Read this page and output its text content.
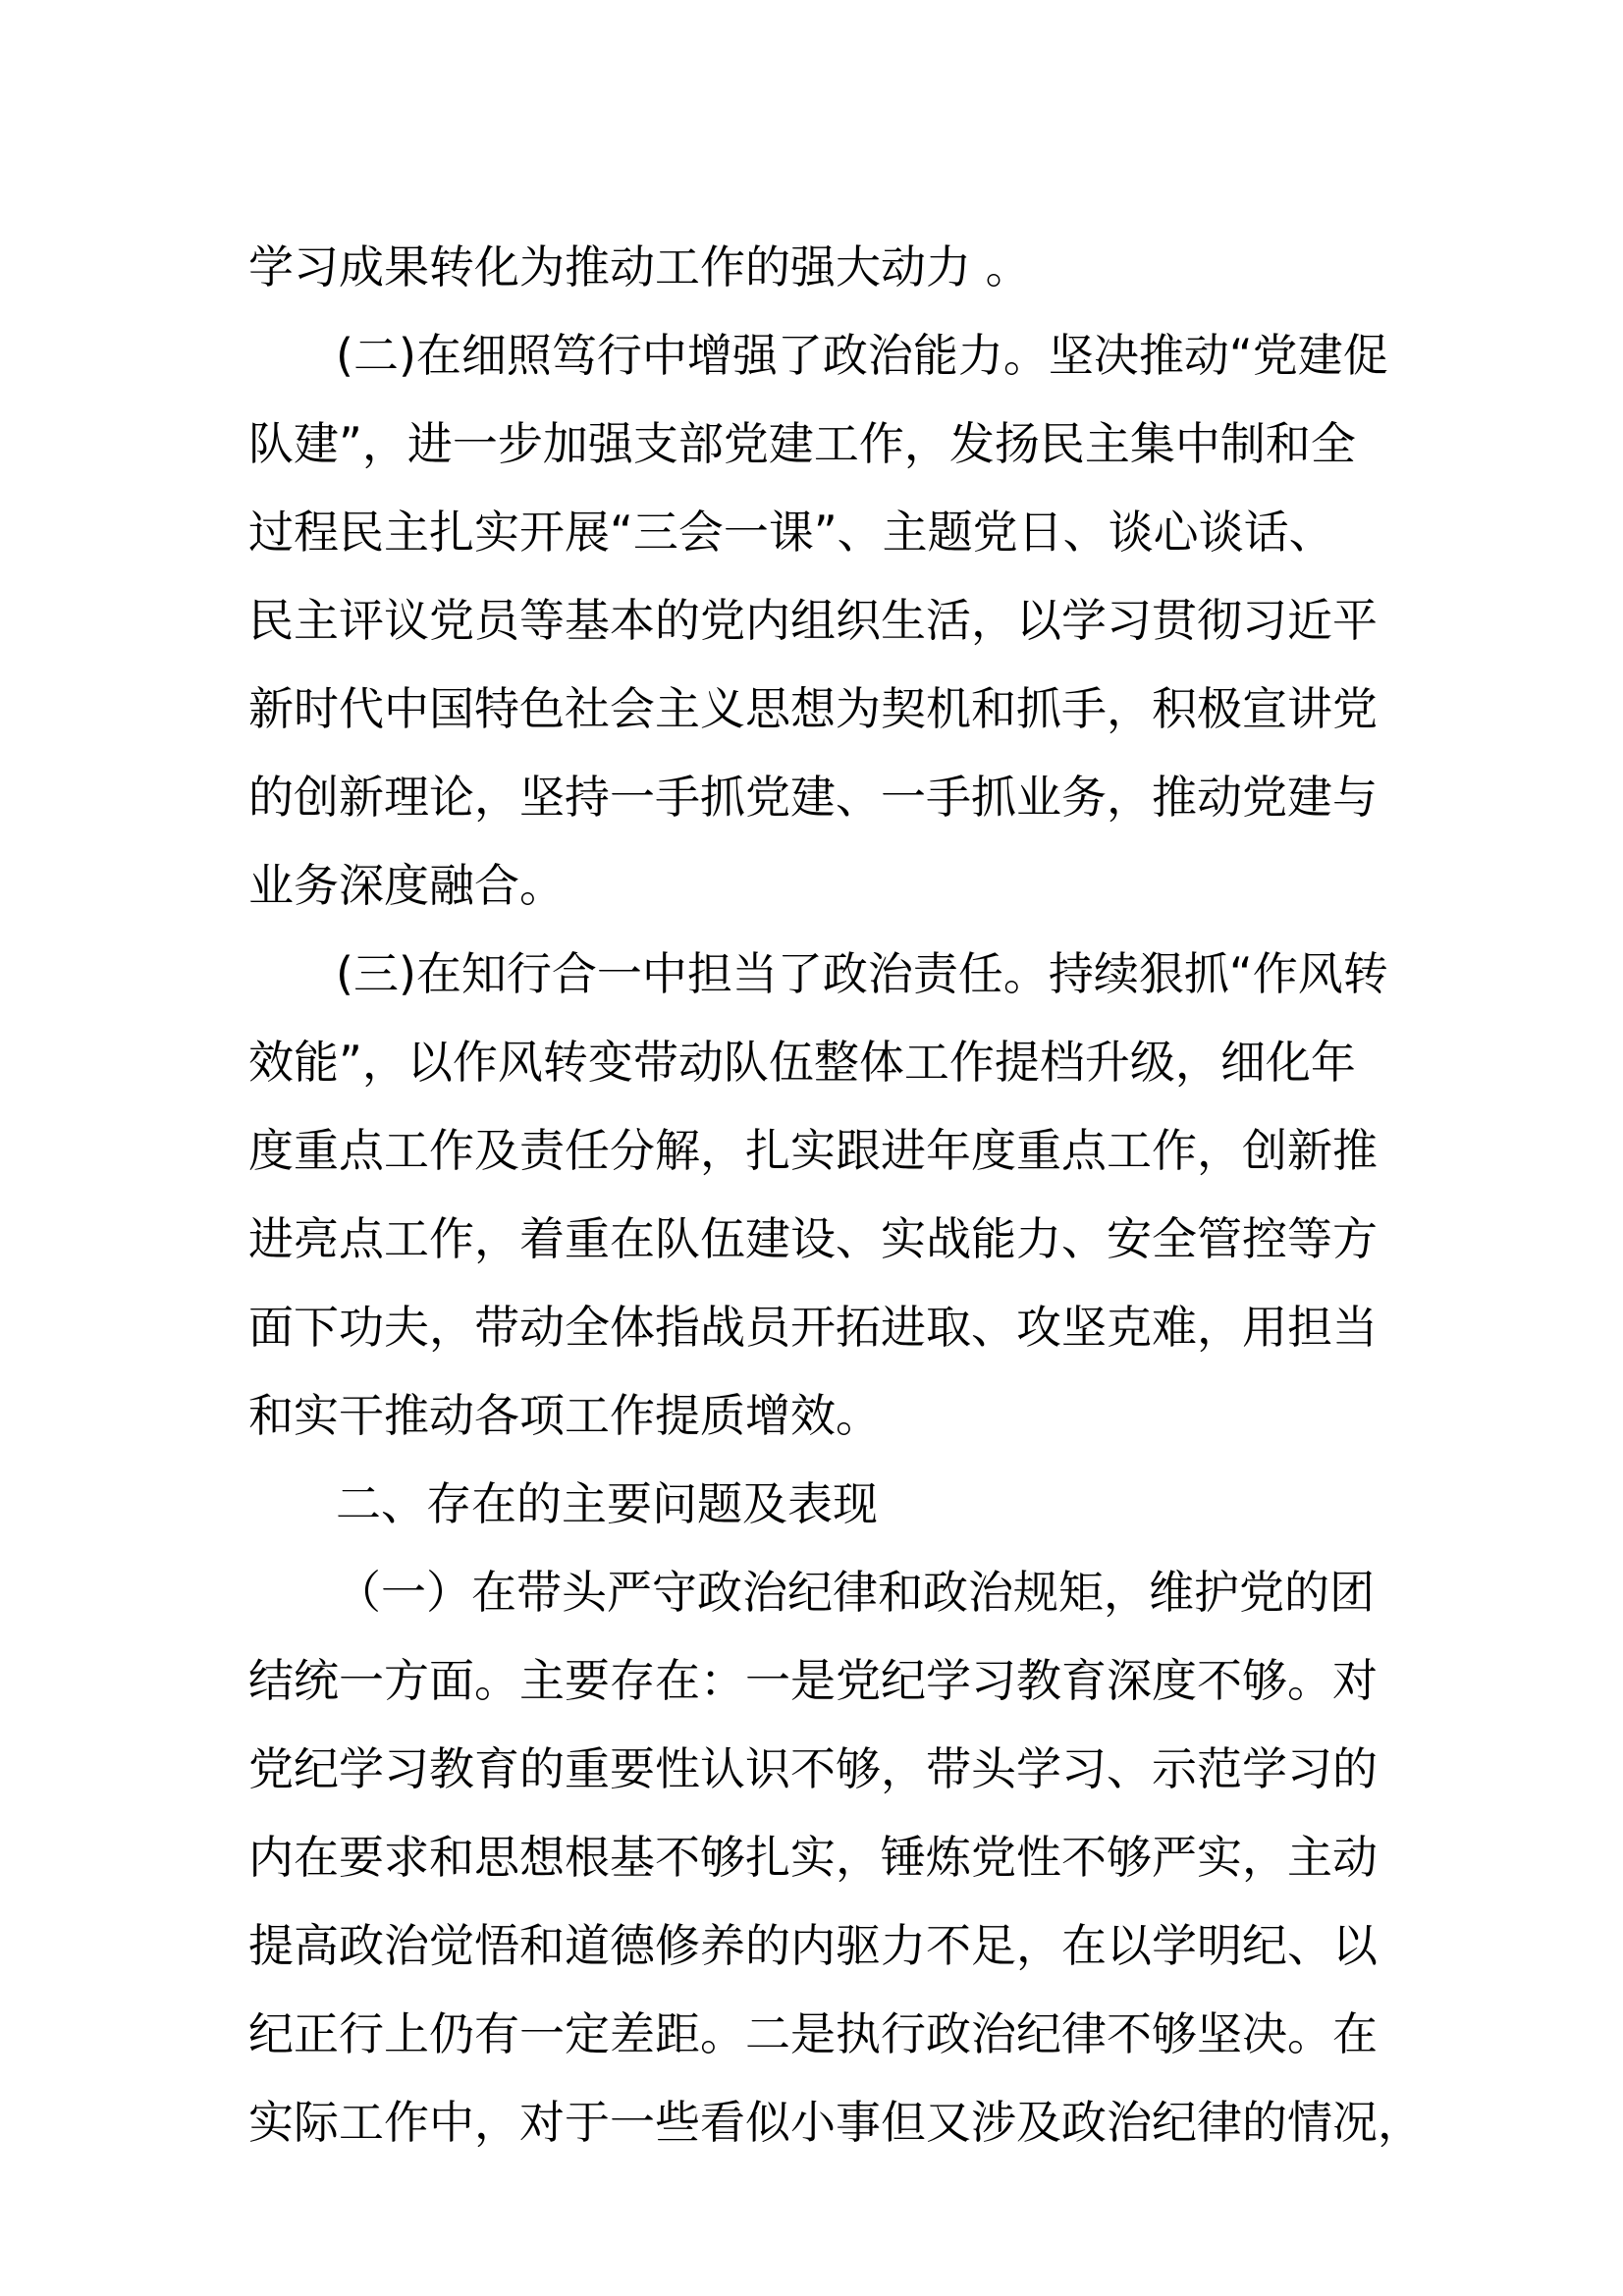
学习成果转化为推动工作的强大动力 。

(二)在细照笃行中增强了政治能力。坚决推动“党建促

队建”，进一步加强支部党建工作，发扬民主集中制和全

过程民主扎实开展“三会一课”、主题党日、谈心谈话、

民主评议党员等基本的党内组织生活，以学习贯彻习近平

新时代中国特色社会主义思想为契机和抓手，积极宣讲党

的创新理论，坚持一手抓党建、一手抓业务，推动党建与

业务深度融合。

(三)在知行合一中担当了政治责任。持续狠抓“作风转

效能”，以作风转变带动队伍整体工作提档升级，细化年

度重点工作及责任分解，扎实跟进年度重点工作，创新推

进亮点工作，着重在队伍建设、实战能力、安全管控等方

面下功夫，带动全体指战员开拓进取、攻坚克难，用担当

和实干推动各项工作提质增效。

二、存在的主要问题及表现

（一）在带头严守政治纪律和政治规矩，维护党的团

结统一方面。主要存在：一是党纪学习教育深度不够。对

党纪学习教育的重要性认识不够，带头学习、示范学习的

内在要求和思想根基不够扎实，锤炼党性不够严实，主动

提高政治觉悟和道德修养的内驱力不足，在以学明纪、以

纪正行上仍有一定差距。二是执行政治纪律不够坚决。在

实际工作中，对于一些看似小事但又涉及政治纪律的情况，
